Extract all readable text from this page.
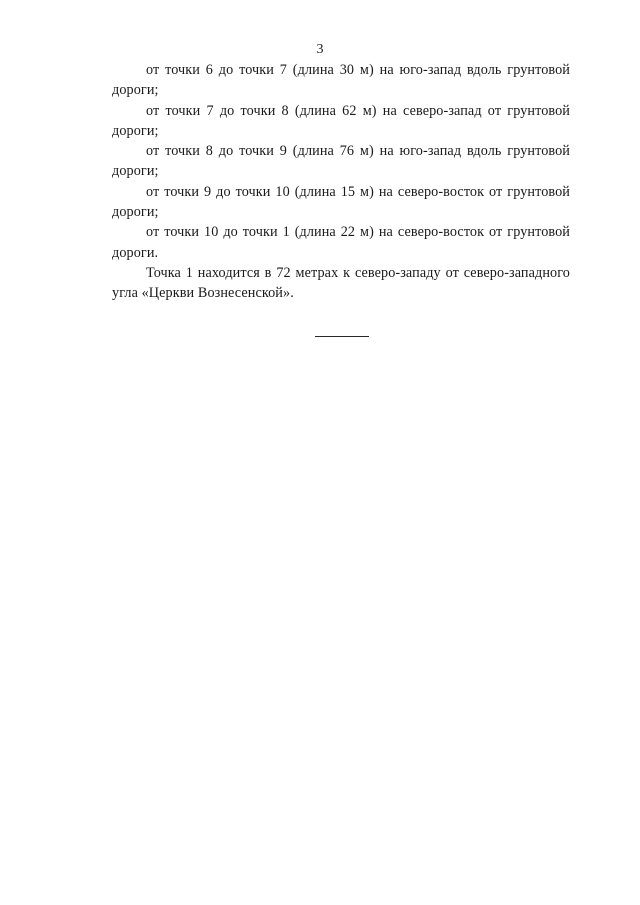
3

от точки 6 до точки 7 (длина 30 м) на юго-запад вдоль грунтовой дороги;

от точки 7 до точки 8 (длина 62 м) на северо-запад от грунтовой дороги;

от точки 8 до точки 9 (длина 76 м) на юго-запад вдоль грунтовой дороги;

от точки 9 до точки 10 (длина 15 м) на северо-восток от грунтовой дороги;

от точки 10 до точки 1 (длина 22 м) на северо-восток от грунтовой дороги.

Точка 1 находится в 72 метрах к северо-западу от северо-западного угла «Церкви Вознесенской».
